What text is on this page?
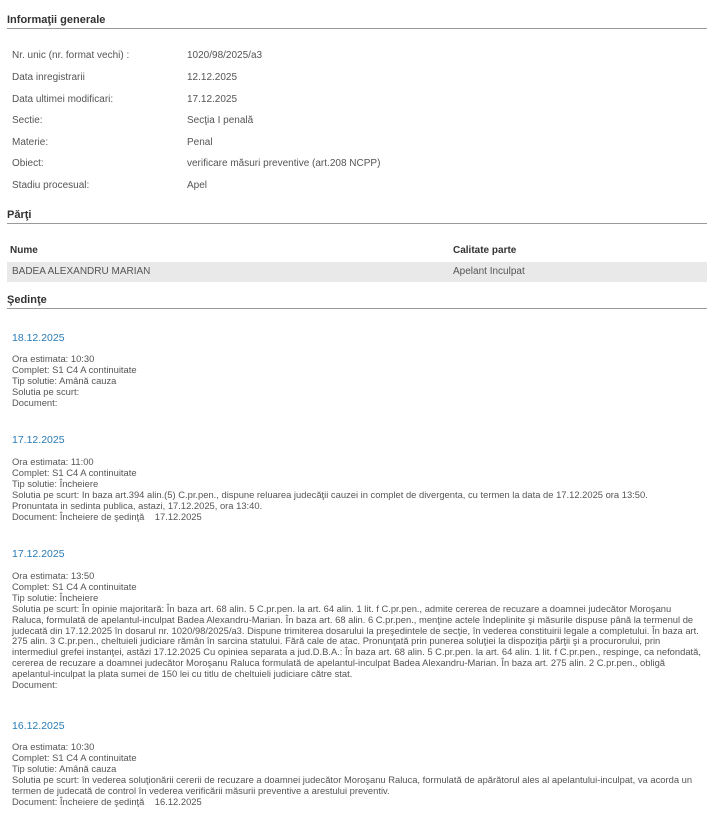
Informaţii generale
Nr. unic (nr. format vechi) :	1020/98/2025/a3
Data inregistrarii	12.12.2025
Data ultimei modificari:	17.12.2025
Sectie:	Secţia I penală
Materie:	Penal
Obiect:	verificare măsuri preventive (art.208 NCPP)
Stadiu procesual:	Apel
Părţi
Nume	Calitate parte
BADEA ALEXANDRU MARIAN	Apelant Inculpat
Şedinţe
18.12.2025
Ora estimata: 10:30
Complet: S1 C4 A continuitate
Tip solutie: Amână cauza
Solutia pe scurt:
Document:
17.12.2025
Ora estimata: 11:00
Complet: S1 C4 A continuitate
Tip solutie: Încheiere
Solutia pe scurt: In baza art.394 alin.(5) C.pr.pen., dispune reluarea judecăţii cauzei in complet de divergenta, cu termen la data de 17.12.2025 ora 13:50.
Pronuntata in sedinta publica, astazi, 17.12.2025, ora 13:40.
Document: Încheiere de şedinţă    17.12.2025
17.12.2025
Ora estimata: 13:50
Complet: S1 C4 A continuitate
Tip solutie: Încheiere
Solutia pe scurt: În opinie majoritară: În baza art. 68 alin. 5 C.pr.pen. la art. 64 alin. 1 lit. f C.pr.pen., admite cererea de recuzare a doamnei judecător Moroşanu Raluca, formulată de apelantul-inculpat Badea Alexandru-Marian. În baza art. 68 alin. 6 C.pr.pen., menţine actele îndeplinite şi măsurile dispuse până la termenul de judecată din 17.12.2025 în dosarul nr. 1020/98/2025/a3. Dispune trimiterea dosarului la preşedintele de secţie, în vederea constituirii legale a completului. În baza art. 275 alin. 3 C.pr.pen., cheltuieli judiciare rămân în sarcina statului. Fără cale de atac. Pronunţată prin punerea soluţiei la dispoziţia părţii şi a procurorului, prin intermediul grefei instanţei, astăzi 17.12.2025 Cu opiniea separata a jud.D.B.A.: În baza art. 68 alin. 5 C.pr.pen. la art. 64 alin. 1 lit. f C.pr.pen., respinge, ca nefondată, cererea de recuzare a doamnei judecător Moroşanu Raluca formulată de apelantul-inculpat Badea Alexandru-Marian. În baza art. 275 alin. 2 C.pr.pen., obligă apelantul-inculpat la plata sumei de 150 lei cu titlu de cheltuieli judiciare către stat.
Document:
16.12.2025
Ora estimata: 10:30
Complet: S1 C4 A continuitate
Tip solutie: Amână cauza
Solutia pe scurt: în vederea soluţionării cererii de recuzare a doamnei judecător Moroşanu Raluca, formulată de apărătorul ales al apelantului-inculpat, va acorda un termen de judecată de control în vederea verificării măsurii preventive a arestului preventiv.
Document: Încheiere de şedinţă    16.12.2025
